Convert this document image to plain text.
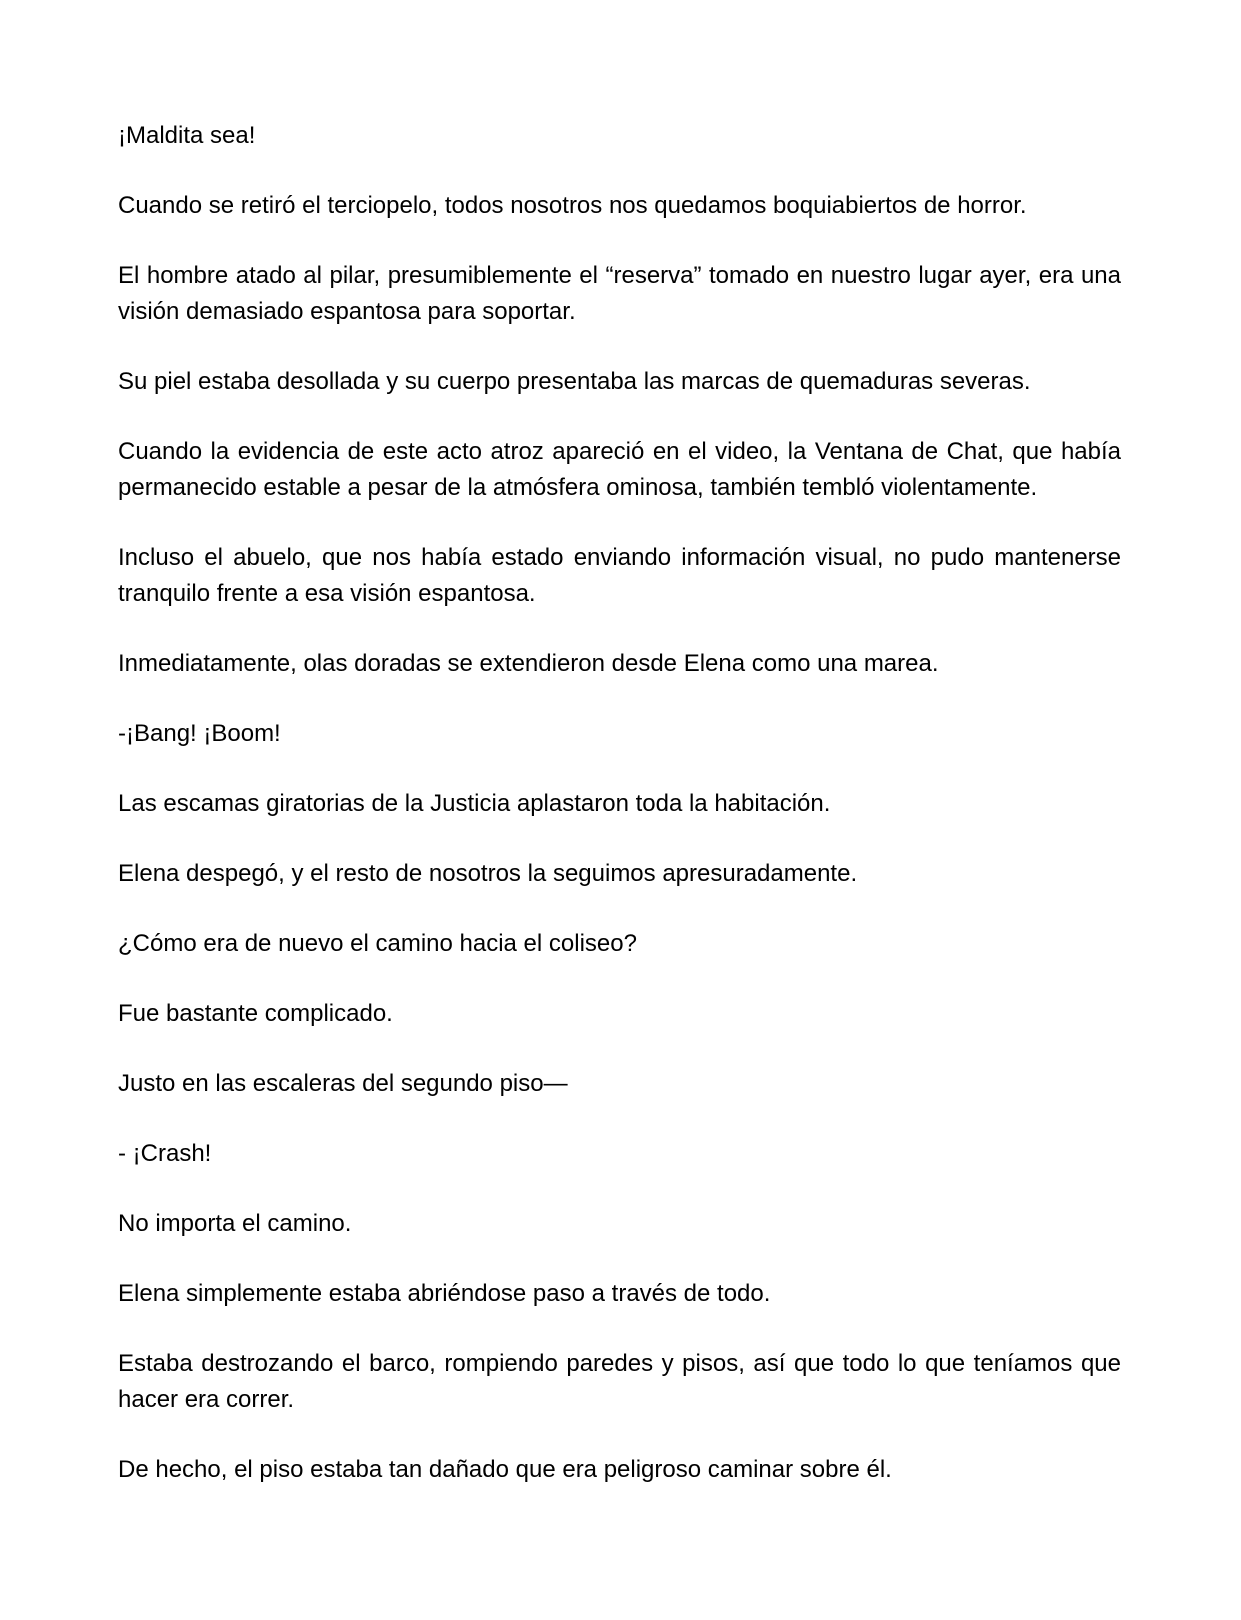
¡Maldita sea!

Cuando se retiró el terciopelo, todos nosotros nos quedamos boquiabiertos de horror.

El hombre atado al pilar, presumiblemente el “reserva” tomado en nuestro lugar ayer, era una visión demasiado espantosa para soportar.

Su piel estaba desollada y su cuerpo presentaba las marcas de quemaduras severas.

Cuando la evidencia de este acto atroz apareció en el video, la Ventana de Chat, que había permanecido estable a pesar de la atmósfera ominosa, también tembló violentamente.

Incluso el abuelo, que nos había estado enviando información visual, no pudo mantenerse tranquilo frente a esa visión espantosa.

Inmediatamente, olas doradas se extendieron desde Elena como una marea.

-¡Bang! ¡Boom!

Las escamas giratorias de la Justicia aplastaron toda la habitación.

Elena despegó, y el resto de nosotros la seguimos apresuradamente.

¿Cómo era de nuevo el camino hacia el coliseo?

Fue bastante complicado.

Justo en las escaleras del segundo piso—

- ¡Crash!

No importa el camino.

Elena simplemente estaba abriéndose paso a través de todo.

Estaba destrozando el barco, rompiendo paredes y pisos, así que todo lo que teníamos que hacer era correr.

De hecho, el piso estaba tan dañado que era peligroso caminar sobre él.
